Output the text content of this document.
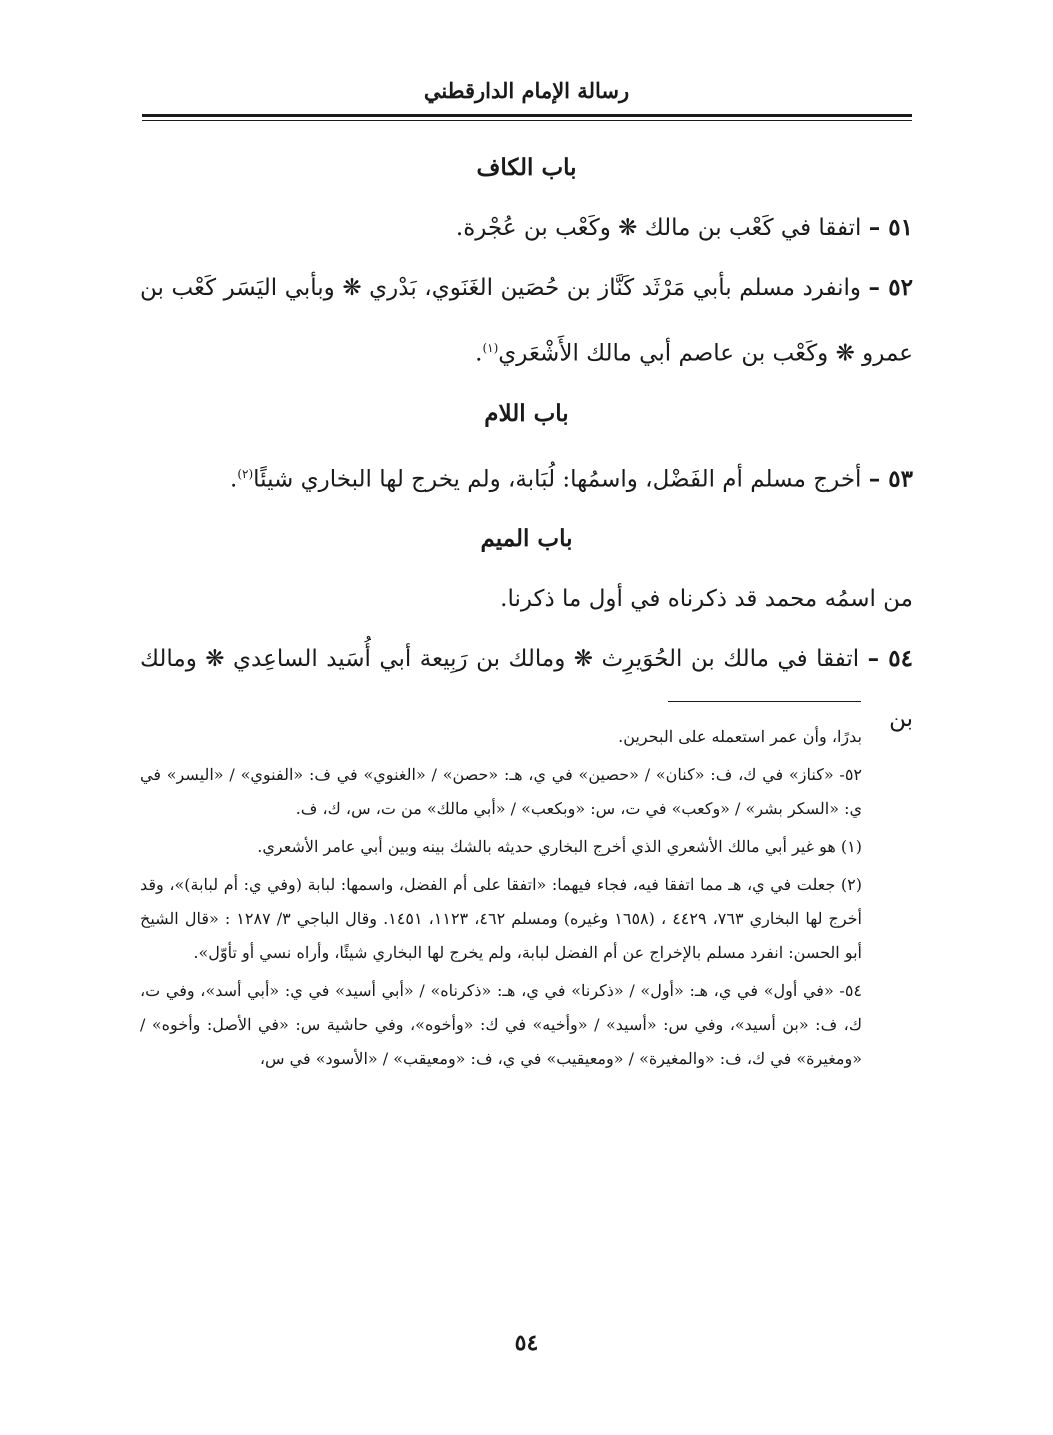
رسالة الإمام الدارقطني

باب الكاف

٥١ – اتفقا في كَعْب بن مالك ❋ وكَعْب بن عُجْرة.

٥٢ – وانفرد مسلم بأبي مَرْثَد كَنَّاز بن حُصَين الغَنَوي، بَدْري ❋ وبأبي اليَسَر كَعْب بن عمرو ❋ وكَعْب بن عاصم أبي مالك الأَشْعَري$^{(١)}$.

باب اللام

٥٣ – أخرج مسلم أم الفَضْل، واسمُها: لُبَابة، ولم يخرج لها البخاري شيئًا$^{(٢)}$.

باب الميم

من اسمُه محمد قد ذكرناه في أول ما ذكرنا.

٥٤ – اتفقا في مالك بن الحُوَيرِث ❋ ومالك بن رَبِيعة أبي أُسَيد الساعِدي ❋ ومالك بن

بدرًا، وأن عمر استعمله على البحرين.

٥٢- «كناز» في ك، ف: «كنان» / «حصين» في ي، هـ: «حصن» / «الغنوي» في ف: «الفنوي» / «اليسر» في ي: «السكر بشر» / «وكعب» في ت، س: «وبكعب» / «أبي مالك» من ت، س، ك، ف.

(١) هو غير أبي مالك الأشعري الذي أخرج البخاري حديثه بالشك بينه وبين أبي عامر الأشعري.

(٢) جعلت في ي، هـ مما اتفقا فيه، فجاء فيهما: «اتفقا على أم الفضل، واسمها: لبابة (وفي ي: أم لبابة)»، وقد أخرج لها البخاري ٧٦٣، ٤٤٢٩ ، (١٦٥٨ وغيره) ومسلم ٤٦٢، ١١٢٣، ١٤٥١. وقال الباجي ٣/ ١٢٨٧ : «قال الشيخ أبو الحسن: انفرد مسلم بالإخراج عن أم الفضل لبابة، ولم يخرج لها البخاري شيئًا، وأراه نسي أو تأوّل».

٥٤- «في أول» في ي، هـ: «أول» / «ذكرنا» في ي، هـ: «ذكرناه» / «أبي أسيد» في ي: «أبي أسد»، وفي ت، ك، ف: «بن أسيد»، وفي س: «أسيد» / «وأخيه» في ك: «وأخوه»، وفي حاشية س: «في الأصل: وأخوه» / «ومغيرة» في ك، ف: «والمغيرة» / «ومعيقيب» في ي، ف: «ومعيقب» / «الأسود» في س،

٥٤
